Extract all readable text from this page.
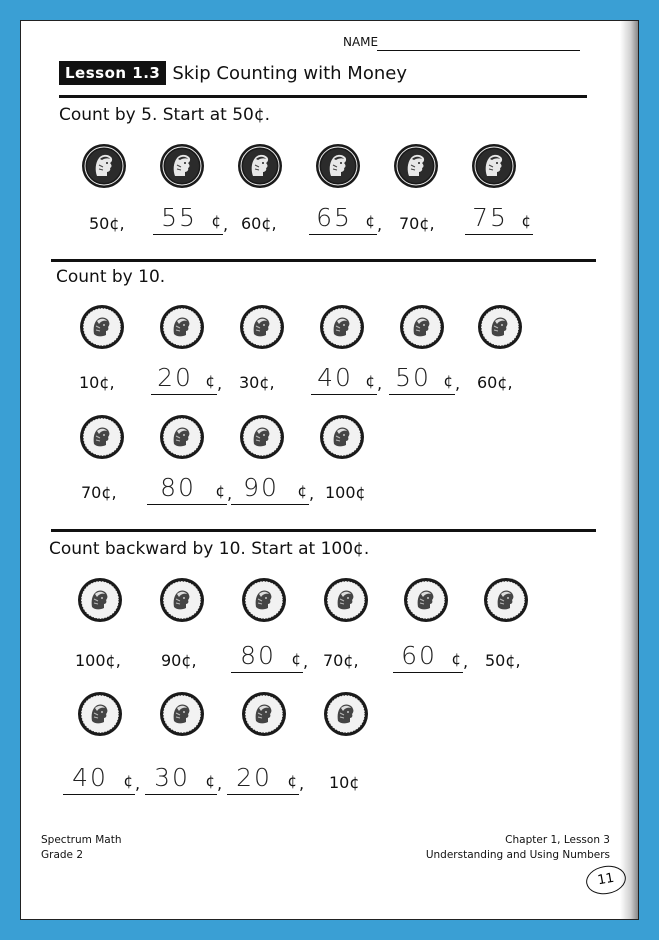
NAME
Lesson 1.3 Skip Counting with Money
Count by 5. Start at 50¢.
50¢,	55 ¢ , 60¢, 65 ¢ , 70¢, 75 ¢
Count by 10.
10¢, 20 ¢ , 30¢, 40 ¢ , 50 ¢ , 60¢,
70¢,	80	¢ , 90	¢ , 100¢
Count backward by 10. Start at 100¢.
100¢,	90¢,	80	¢ , 70¢,	60 ¢ , 50¢,
40	¢ , 30	¢ , 20	¢ , 10¢
Spectrum Math
Grade 2
Chapter 1, Lesson 3
Understanding and Using Numbers
11
